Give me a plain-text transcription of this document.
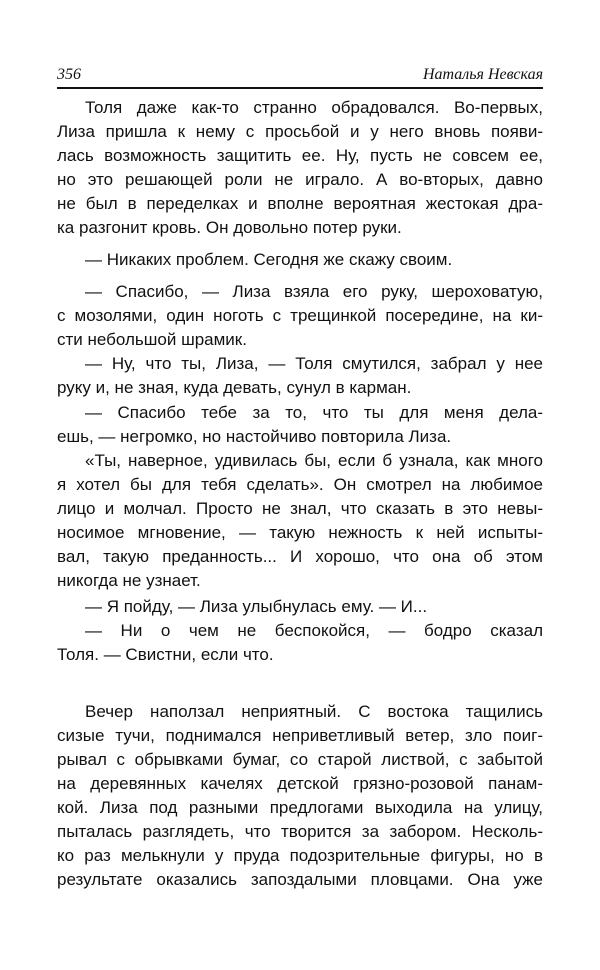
356	Наталья Невская
Толя даже как-то странно обрадовался. Во-первых,
Лиза пришла к нему с просьбой и у него вновь появи-
лась возможность защитить ее. Ну, пусть не совсем ее,
но это решающей роли не играло. А во-вторых, давно
не был в переделках и вполне вероятная жестокая дра-
ка разгонит кровь. Он довольно потер руки.
— Никаких проблем. Сегодня же скажу своим.
— Спасибо, — Лиза взяла его руку, шероховатую,
с мозолями, один ноготь с трещинкой посередине, на ки-
сти небольшой шрамик.
— Ну, что ты, Лиза, — Толя смутился, забрал у нее
руку и, не зная, куда девать, сунул в карман.
— Спасибо тебе за то, что ты для меня дела-
ешь, — негромко, но настойчиво повторила Лиза.
«Ты, наверное, удивилась бы, если б узнала, как много
я хотел бы для тебя сделать». Он смотрел на любимое
лицо и молчал. Просто не знал, что сказать в это невы-
носимое мгновение, — такую нежность к ней испыты-
вал, такую преданность... И хорошо, что она об этом
никогда не узнает.
— Я пойду, — Лиза улыбнулась ему. — И...
— Ни о чем не беспокойся, — бодро сказал
Толя. — Свистни, если что.
Вечер наползал неприятный. С востока тащились
сизые тучи, поднимался неприветливый ветер, зло поиг-
рывал с обрывками бумаг, со старой листвой, с забытой
на деревянных качелях детской грязно-розовой панам-
кой. Лиза под разными предлогами выходила на улицу,
пыталась разглядеть, что творится за забором. Несколь-
ко раз мелькнули у пруда подозрительные фигуры, но в
результате оказались запоздалыми пловцами. Она уже
